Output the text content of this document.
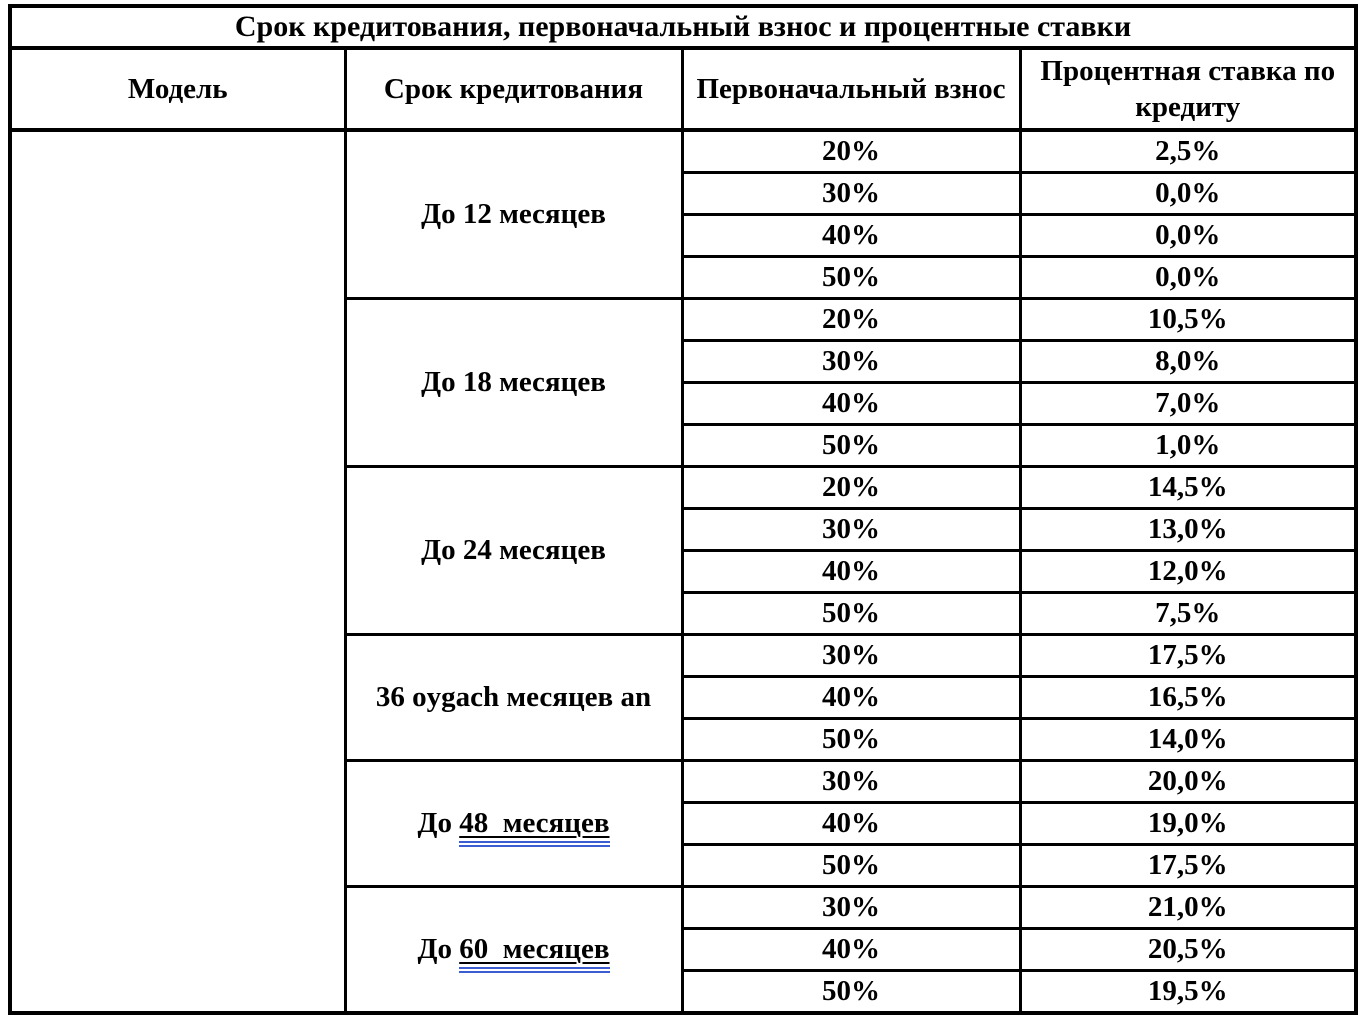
Срок кредитования, первоначальный взнос и процентные ставки			
Модель	Срок кредитования	Первоначальный взнос	Процентная ставка по кредиту
	До 12 месяцев	20%	2,5%
		30%	0,0%
		40%	0,0%
		50%	0,0%
	До 18 месяцев	20%	10,5%
		30%	8,0%
		40%	7,0%
		50%	1,0%
	До 24 месяцев	20%	14,5%
		30%	13,0%
		40%	12,0%
		50%	7,5%
	36 oygach месяцев an	30%	17,5%
		40%	16,5%
		50%	14,0%
	До 48  месяцев	30%	20,0%
		40%	19,0%
		50%	17,5%
	До 60  месяцев	30%	21,0%
		40%	20,5%
		50%	19,5%
